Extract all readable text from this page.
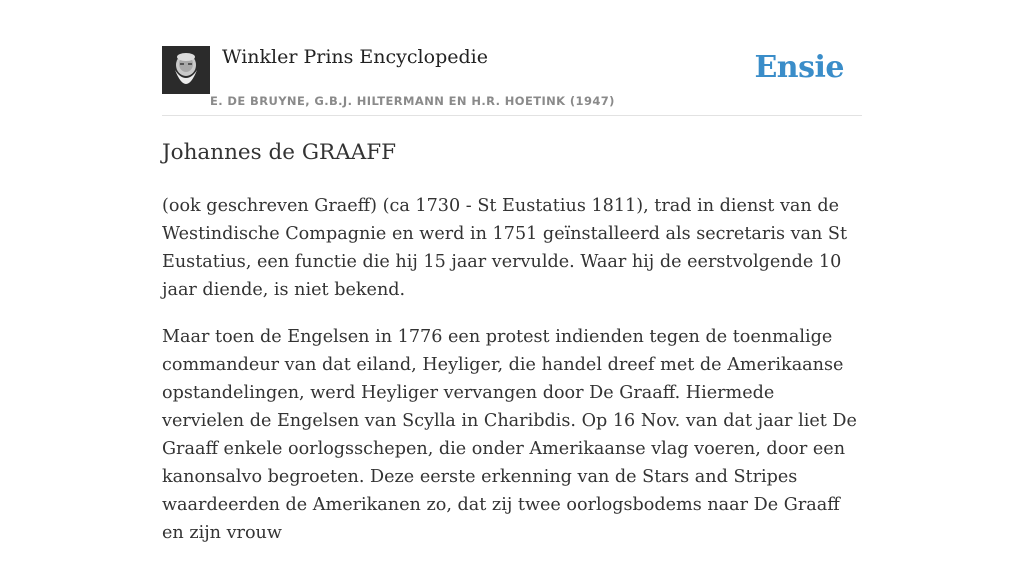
Winkler Prins Encyclopedie
E. DE BRUYNE, G.B.J. HILTERMANN EN H.R. HOETINK (1947)
Ensie
Johannes de GRAAFF

(ook geschreven Graeff) (ca 1730 - St Eustatius 1811), trad in dienst van de Westindische Compagnie en werd in 1751 geïnstalleerd als secretaris van St Eustatius, een functie die hij 15 jaar vervulde. Waar hij de eerstvolgende 10 jaar diende, is niet bekend.

Maar toen de Engelsen in 1776 een protest indienden tegen de toenmalige commandeur van dat eiland, Heyliger, die handel dreef met de Amerikaanse opstandelingen, werd Heyliger vervangen door De Graaff. Hiermede vervielen de Engelsen van Scylla in Charibdis. Op 16 Nov. van dat jaar liet De Graaff enkele oorlogsschepen, die onder Amerikaanse vlag voeren, door een kanonsalvo begroeten. Deze eerste erkenning van de Stars and Stripes waardeerden de Amerikanen zo, dat zij twee oorlogsbodems naar De Graaff en zijn vrouw
